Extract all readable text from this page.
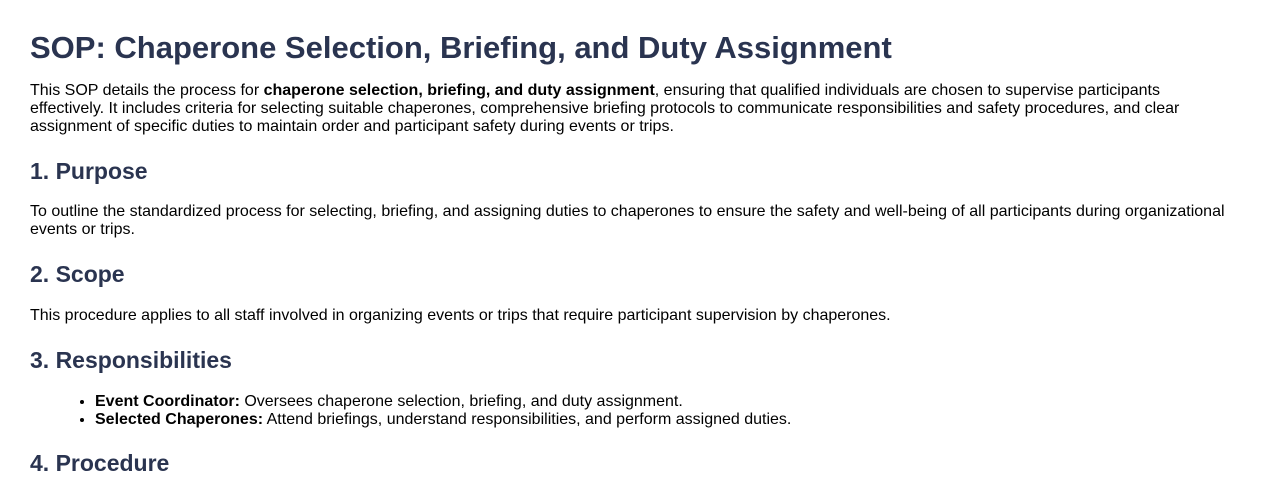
SOP: Chaperone Selection, Briefing, and Duty Assignment

This SOP details the process for chaperone selection, briefing, and duty assignment, ensuring that qualified individuals are chosen to supervise participants effectively. It includes criteria for selecting suitable chaperones, comprehensive briefing protocols to communicate responsibilities and safety procedures, and clear assignment of specific duties to maintain order and participant safety during events or trips.

1. Purpose

To outline the standardized process for selecting, briefing, and assigning duties to chaperones to ensure the safety and well-being of all participants during organizational events or trips.

2. Scope

This procedure applies to all staff involved in organizing events or trips that require participant supervision by chaperones.

3. Responsibilities
• Event Coordinator: Oversees chaperone selection, briefing, and duty assignment.
• Selected Chaperones: Attend briefings, understand responsibilities, and perform assigned duties.
4. Procedure
